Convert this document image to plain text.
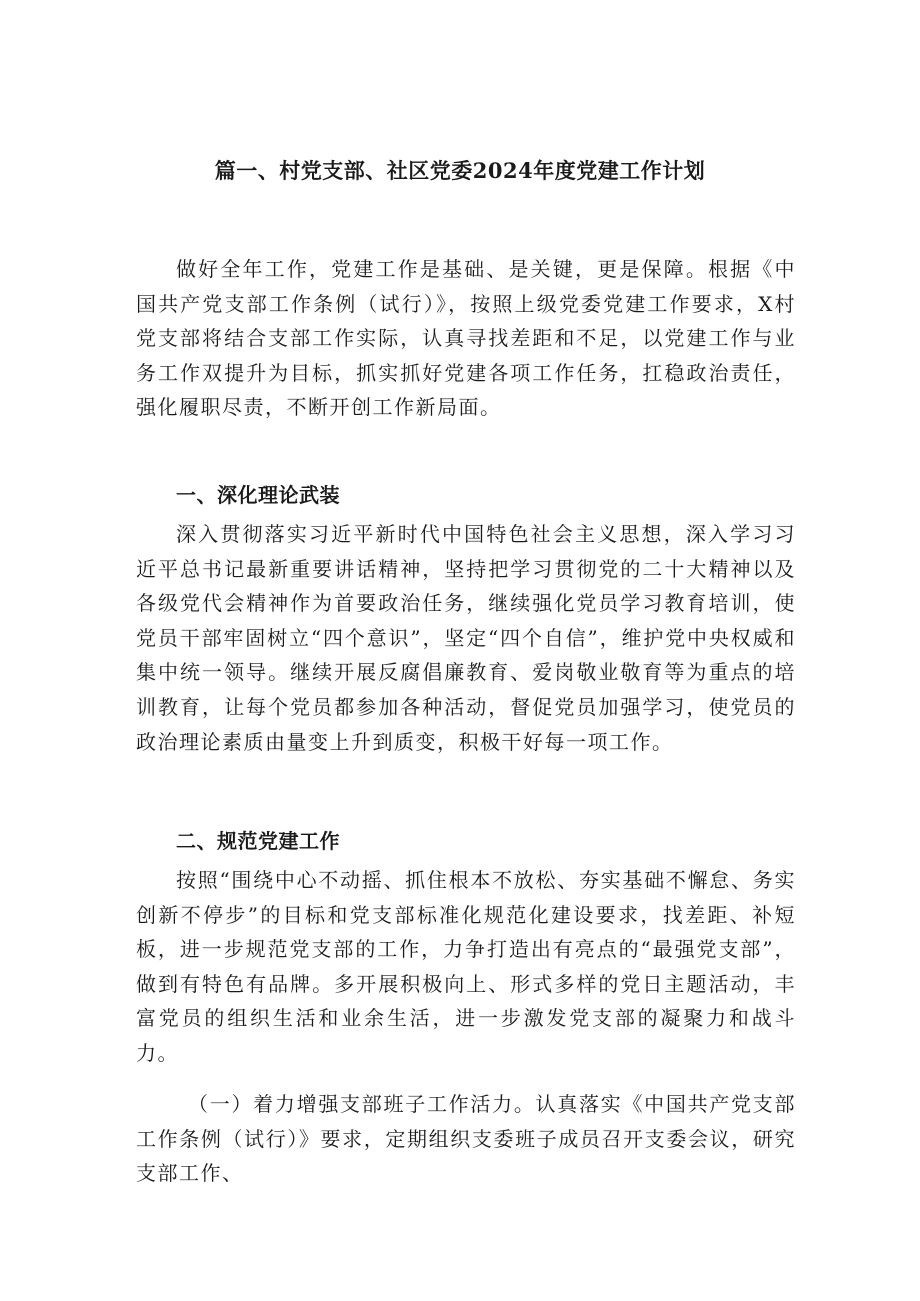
篇一、村党支部、社区党委2024年度党建工作计划

做好全年工作，党建工作是基础、是关键，更是保障。根据《中国共产党支部工作条例（试行）》，按照上级党委党建工作要求，X村党支部将结合支部工作实际，认真寻找差距和不足，以党建工作与业务工作双提升为目标，抓实抓好党建各项工作任务，扛稳政治责任，强化履职尽责，不断开创工作新局面。

一、深化理论武装

深入贯彻落实习近平新时代中国特色社会主义思想，深入学习习近平总书记最新重要讲话精神，坚持把学习贯彻党的二十大精神以及各级党代会精神作为首要政治任务，继续强化党员学习教育培训，使党员干部牢固树立“四个意识”，坚定“四个自信”，维护党中央权威和集中统一领导。继续开展反腐倡廉教育、爱岗敬业敬育等为重点的培训教育，让每个党员都参加各种活动，督促党员加强学习，使党员的政治理论素质由量变上升到质变，积极干好每一项工作。

二、规范党建工作

按照“围绕中心不动摇、抓住根本不放松、夯实基础不懈怠、务实创新不停步”的目标和党支部标准化规范化建设要求，找差距、补短板，进一步规范党支部的工作，力争打造出有亮点的“最强党支部”，做到有特色有品牌。多开展积极向上、形式多样的党日主题活动，丰富党员的组织生活和业余生活，进一步激发党支部的凝聚力和战斗力。

（一）着力增强支部班子工作活力。认真落实《中国共产党支部工作条例（试行）》要求，定期组织支委班子成员召开支委会议，研究支部工作、
